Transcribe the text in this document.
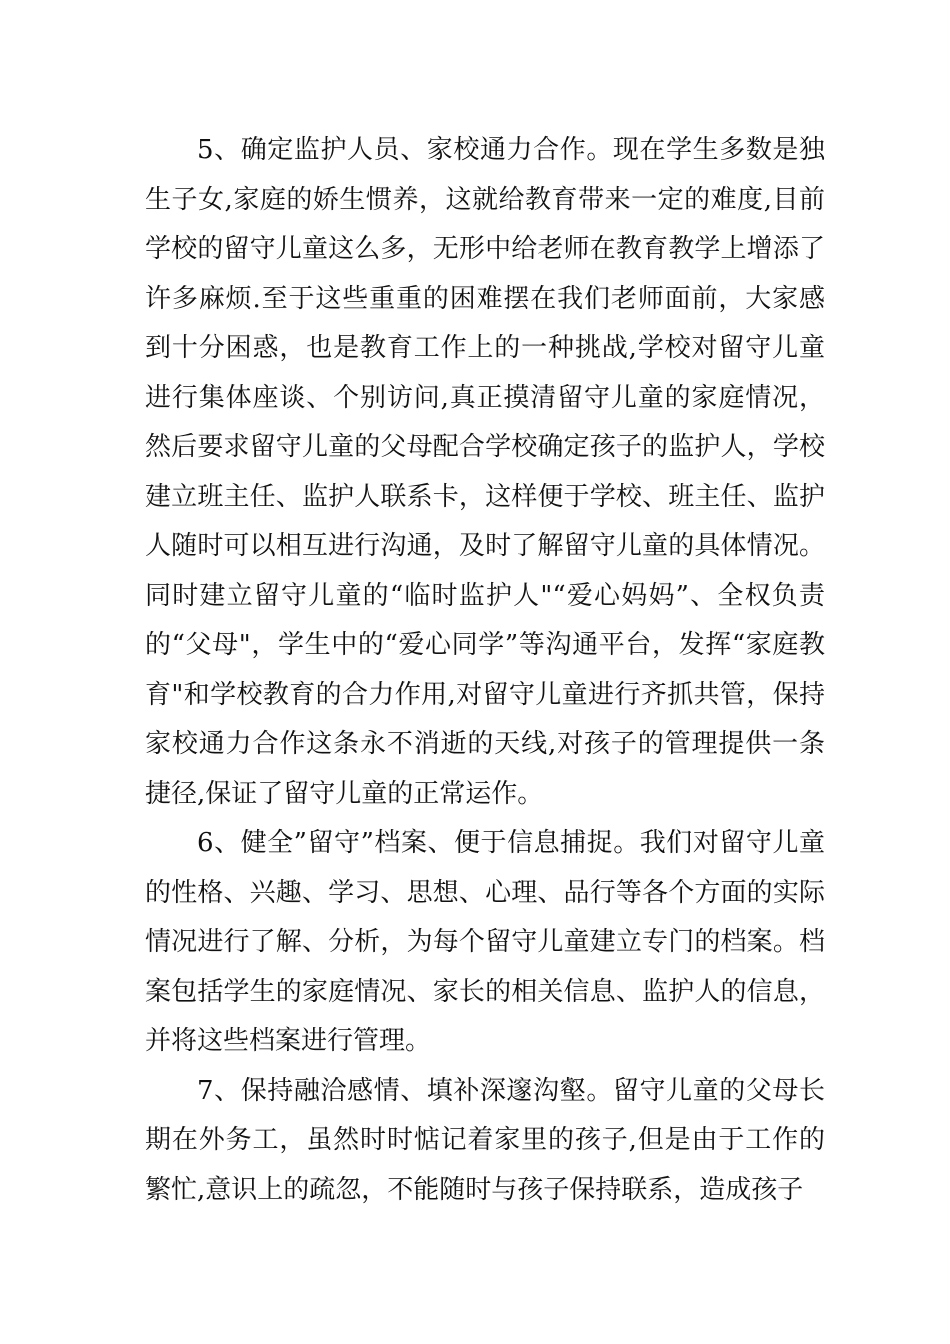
5、确定监护人员、家校通力合作。现在学生多数是独生子女,家庭的娇生惯养，这就给教育带来一定的难度,目前学校的留守儿童这么多，无形中给老师在教育教学上增添了许多麻烦.至于这些重重的困难摆在我们老师面前，大家感到十分困惑，也是教育工作上的一种挑战,学校对留守儿童进行集体座谈、个别访问,真正摸清留守儿童的家庭情况，然后要求留守儿童的父母配合学校确定孩子的监护人，学校建立班主任、监护人联系卡，这样便于学校、班主任、监护人随时可以相互进行沟通，及时了解留守儿童的具体情况。同时建立留守儿童的“临时监护人"“爱心妈妈”、全权负责的“父母"，学生中的“爱心同学”等沟通平台，发挥“家庭教育"和学校教育的合力作用,对留守儿童进行齐抓共管，保持家校通力合作这条永不消逝的天线,对孩子的管理提供一条捷径,保证了留守儿童的正常运作。

6、健全”留守”档案、便于信息捕捉。我们对留守儿童的性格、兴趣、学习、思想、心理、品行等各个方面的实际情况进行了解、分析，为每个留守儿童建立专门的档案。档案包括学生的家庭情况、家长的相关信息、监护人的信息，并将这些档案进行管理。

7、保持融洽感情、填补深邃沟壑。留守儿童的父母长期在外务工，虽然时时惦记着家里的孩子,但是由于工作的繁忙,意识上的疏忽，不能随时与孩子保持联系，造成孩子
